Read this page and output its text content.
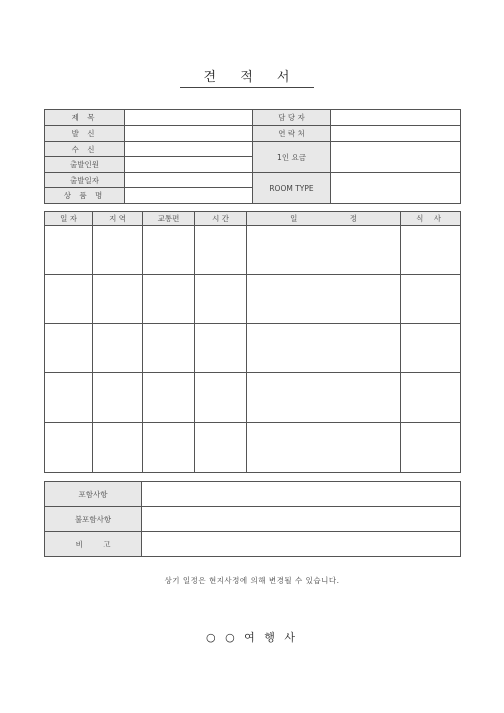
견 적 서
제 목		담 당 자	
발 신		연 락 처	
수 신		1인 요금	
출발인원			
출발일자		ROOM TYPE	
상 품 명			
일 자	지 역	교통편	시 간	일 정	식 사

포함사항	
불포함사항	
비 고	
상기 일정은 현지사정에 의해 변경될 수 있습니다.
○ ○ 여 행 사
